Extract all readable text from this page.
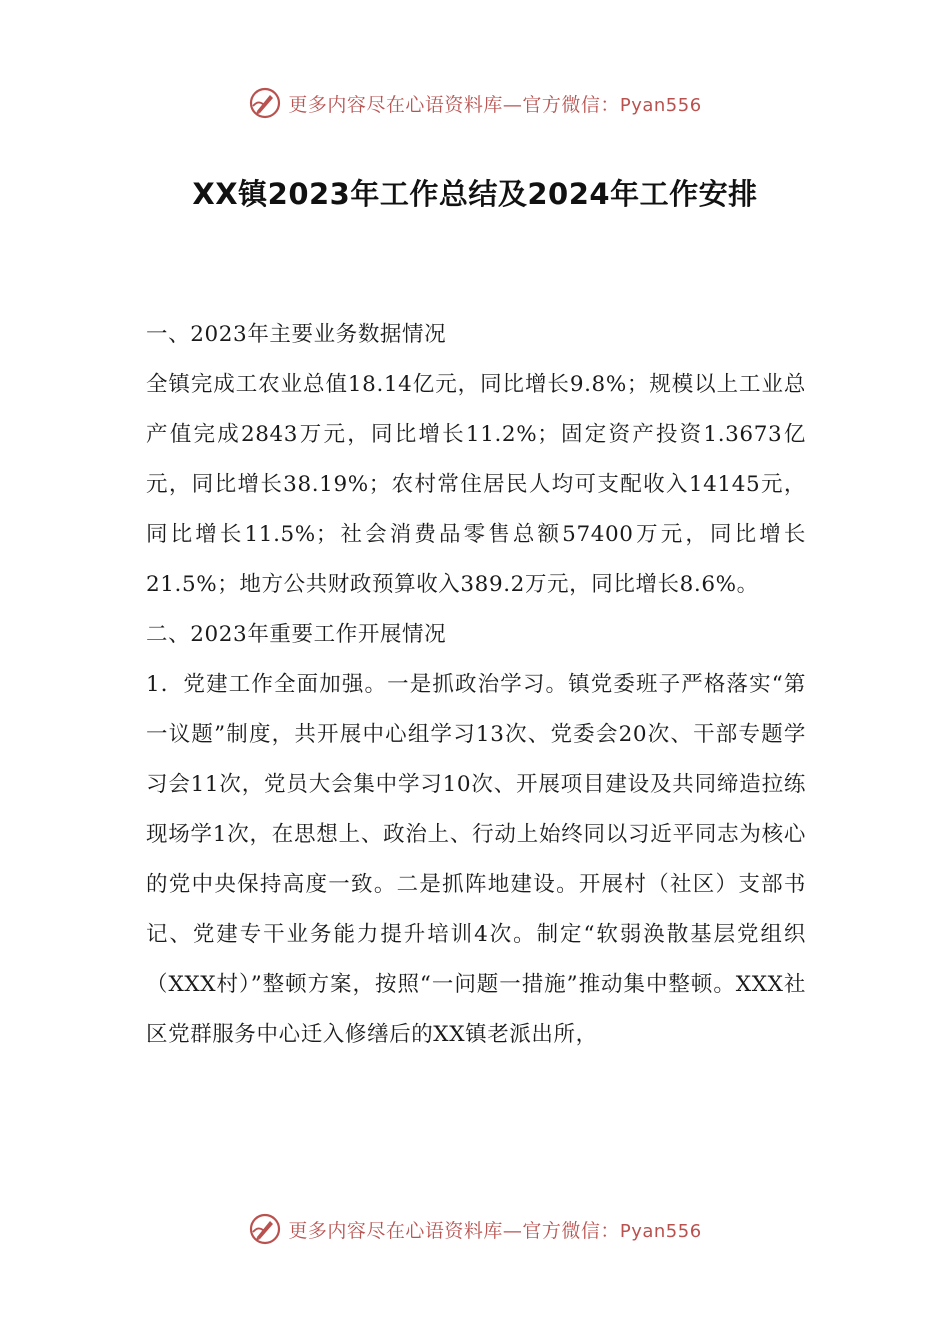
更多内容尽在心语资料库—官方微信：Pyan556
XX镇2023年工作总结及2024年工作安排

一、2023年主要业务数据情况

全镇完成工农业总值18.14亿元，同比增长9.8%；规模以上工业总产值完成2843万元，同比增长11.2%；固定资产投资1.3673亿元，同比增长38.19%；农村常住居民人均可支配收入14145元，同比增长11.5%；社会消费品零售总额57400万元，同比增长21.5%；地方公共财政预算收入389.2万元，同比增长8.6%。

二、2023年重要工作开展情况

1．党建工作全面加强。一是抓政治学习。镇党委班子严格落实“第一议题”制度，共开展中心组学习13次、党委会20次、干部专题学习会11次，党员大会集中学习10次、开展项目建设及共同缔造拉练现场学1次，在思想上、政治上、行动上始终同以习近平同志为核心的党中央保持高度一致。二是抓阵地建设。开展村（社区）支部书记、党建专干业务能力提升培训4次。制定“软弱涣散基层党组织（XXX村）”整顿方案，按照“一问题一措施”推动集中整顿。XXX社区党群服务中心迁入修缮后的XX镇老派出所，

更多内容尽在心语资料库—官方微信：Pyan556
